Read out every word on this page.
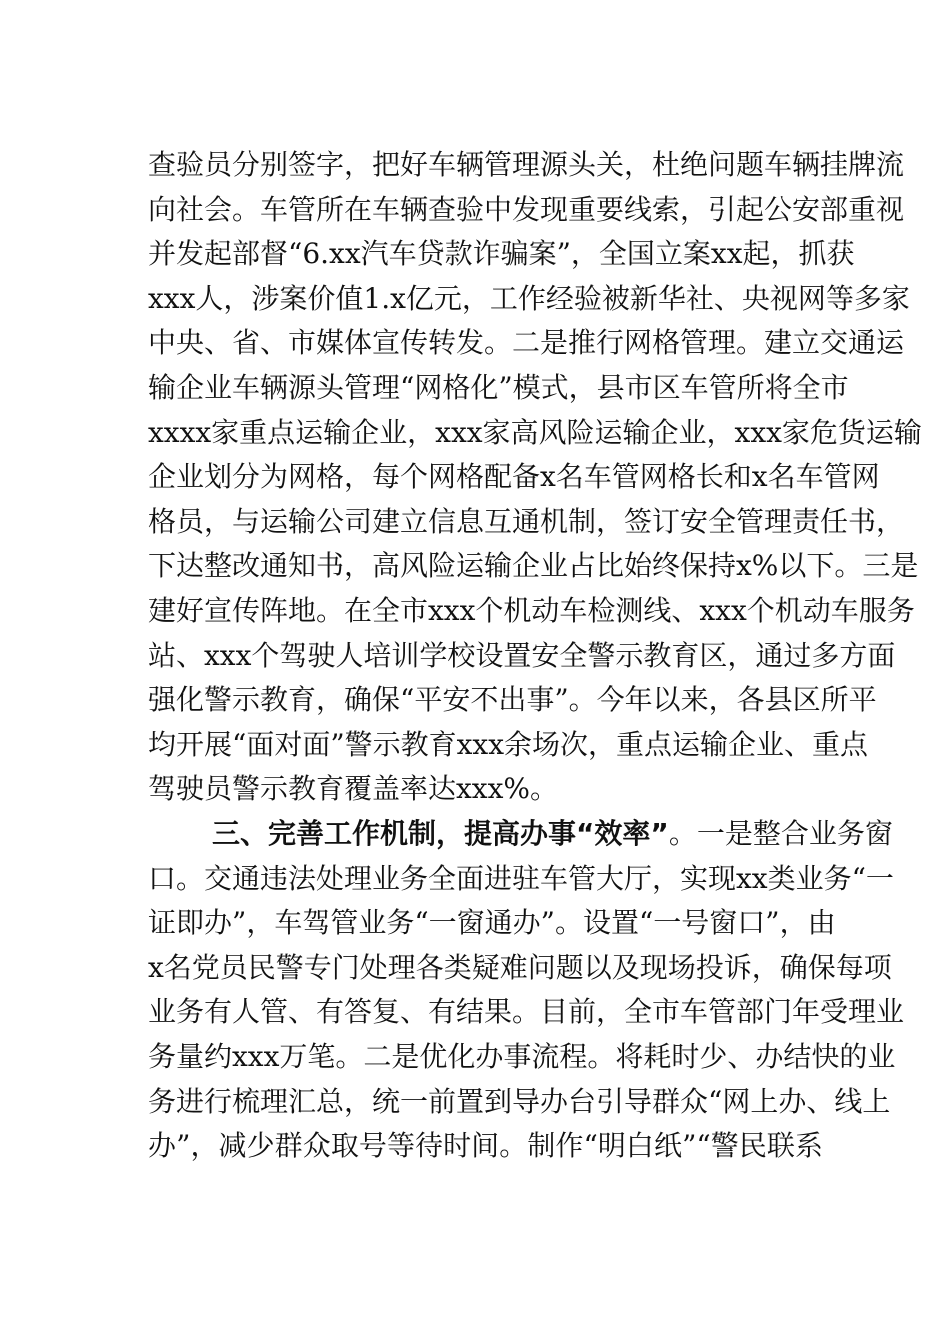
查验员分别签字，把好车辆管理源头关，杜绝问题车辆挂牌流
向社会。车管所在车辆查验中发现重要线索，引起公安部重视
并发起部督“6.xx汽车贷款诈骗案”，全国立案xx起，抓获
xxx人，涉案价值1.x亿元，工作经验被新华社、央视网等多家
中央、省、市媒体宣传转发。二是推行网格管理。建立交通运
输企业车辆源头管理“网格化”模式，县市区车管所将全市
xxxx家重点运输企业，xxx家高风险运输企业，xxx家危货运输
企业划分为网格，每个网格配备x名车管网格长和x名车管网
格员，与运输公司建立信息互通机制，签订安全管理责任书，
下达整改通知书，高风险运输企业占比始终保持x%以下。三是
建好宣传阵地。在全市xxx个机动车检测线、xxx个机动车服务
站、xxx个驾驶人培训学校设置安全警示教育区，通过多方面
强化警示教育，确保“平安不出事”。今年以来，各县区所平
均开展“面对面”警示教育xxx余场次，重点运输企业、重点
驾驶员警示教育覆盖率达xxx%。
三、完善工作机制，提高办事“效率”。一是整合业务窗
口。交通违法处理业务全面进驻车管大厅，实现xx类业务“一
证即办”，车驾管业务“一窗通办”。设置“一号窗口”，由
x名党员民警专门处理各类疑难问题以及现场投诉，确保每项
业务有人管、有答复、有结果。目前，全市车管部门年受理业
务量约xxx万笔。二是优化办事流程。将耗时少、办结快的业
务进行梳理汇总，统一前置到导办台引导群众“网上办、线上
办”，减少群众取号等待时间。制作“明白纸”“警民联系
